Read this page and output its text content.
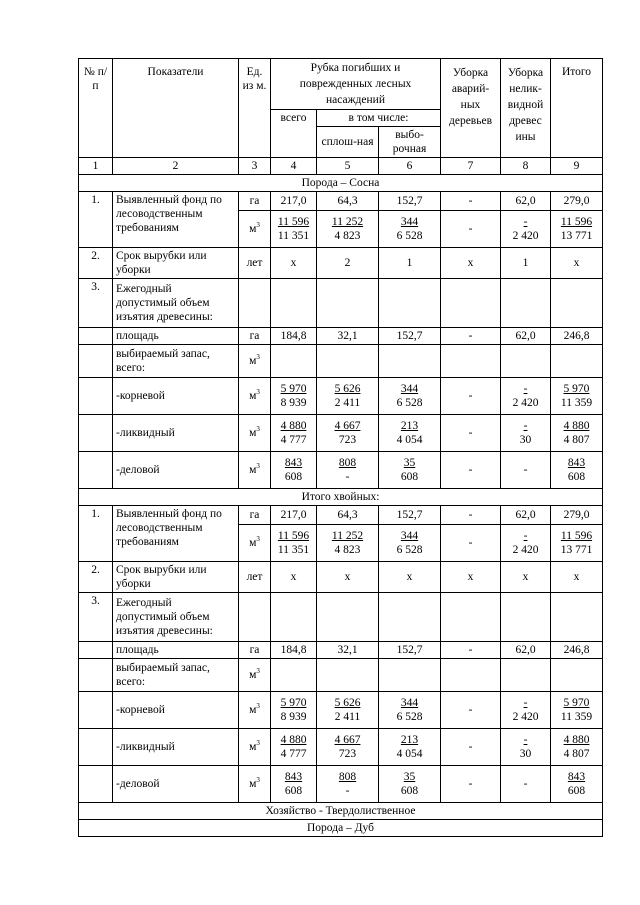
№ п/п	Показатели	Ед. из м.	Рубка погибших и поврежденных лесных насаждений			Уборка аварий-ных деревьев	Уборка нелик-видной древес ины	Итого
			всего	в том числе:				
				сплош-ная	выбо-рочная			
1	2	3	4	5	6	7	8	9
Порода – Сосна								
1.	Выявленный фонд по лесоводственным требованиям	га	217,0	64,3	152,7	-	62,0	279,0
		$м^3$	$\frac{11 596}{11 351}$	$\frac{11 252}{4 823}$	$\frac{344}{6 528}$	-	$\frac{-}{2 420}$	$\frac{11 596}{13 771}$

2.	Срок вырубки или уборки	лет	x	2	1	x	1	x
3.	Ежегодный допустимый объем изъятия древесины:							
	площадь	га	184,8	32,1	152,7	-	62,0	246,8
	выбираемый запас, всего:	$м^3$						
	-корневой	$м^3$	$\frac{5 970}{8 939}$	$\frac{5 626}{2 411}$	$\frac{344}{6 528}$	-	$\frac{-}{2 420}$	$\frac{5 970}{11 359}$

	-ликвидный	$м^3$	$\frac{4 880}{4 777}$	$\frac{4 667}{723}$	$\frac{213}{4 054}$	-	$\frac{-}{30}$	$\frac{4 880}{4 807}$

	-деловой	$м^3$	$\frac{843}{608}$	$\frac{808}{-}$	$\frac{35}{608}$	-	-	$\frac{843}{608}$

Итого хвойных:								
1.	Выявленный фонд по лесоводственным требованиям	га	217,0	64,3	152,7	-	62,0	279,0
		$м^3$	$\frac{11 596}{11 351}$	$\frac{11 252}{4 823}$	$\frac{344}{6 528}$	-	$\frac{-}{2 420}$	$\frac{11 596}{13 771}$

2.	Срок вырубки или уборки	лет	x	x	x	x	x	x
3.	Ежегодный допустимый объем изъятия древесины:							
	площадь	га	184,8	32,1	152,7	-	62,0	246,8
	выбираемый запас, всего:	$м^3$						
	-корневой	$м^3$	$\frac{5 970}{8 939}$	$\frac{5 626}{2 411}$	$\frac{344}{6 528}$	-	$\frac{-}{2 420}$	$\frac{5 970}{11 359}$

	-ликвидный	$м^3$	$\frac{4 880}{4 777}$	$\frac{4 667}{723}$	$\frac{213}{4 054}$	-	$\frac{-}{30}$	$\frac{4 880}{4 807}$

	-деловой	$м^3$	$\frac{843}{608}$	$\frac{808}{-}$	$\frac{35}{608}$	-	-	$\frac{843}{608}$

Хозяйство - Твердолиственное								
Порода – Дуб								
